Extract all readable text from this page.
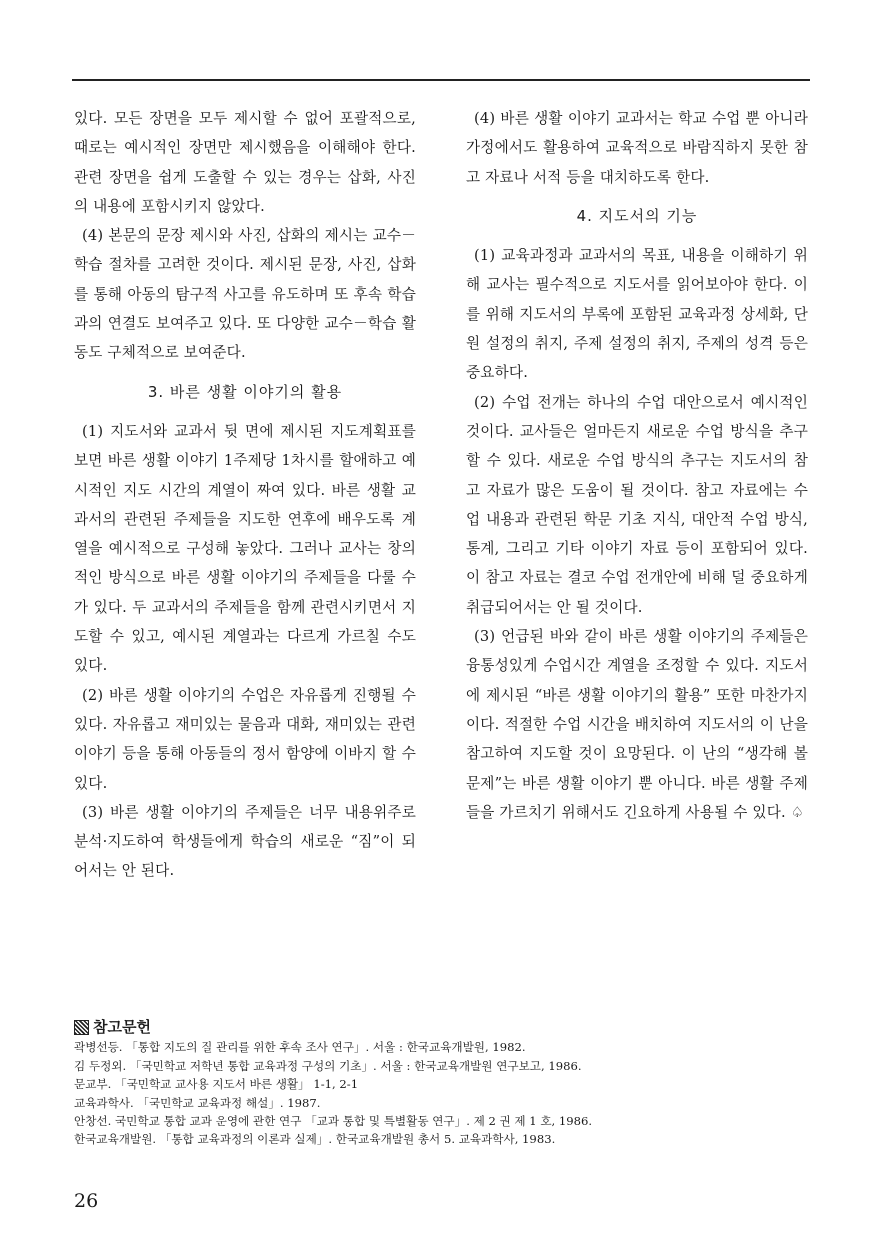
있다. 모든 장면을 모두 제시할 수 없어 포괄적으로, 때로는 예시적인 장면만 제시했음을 이해해야 한다. 관련 장면을 쉽게 도출할 수 있는 경우는 삽화, 사진의 내용에 포함시키지 않았다.

(4) 본문의 문장 제시와 사진, 삽화의 제시는 교수－학습 절차를 고려한 것이다. 제시된 문장, 사진, 삽화를 통해 아동의 탐구적 사고를 유도하며 또 후속 학습과의 연결도 보여주고 있다. 또 다양한 교수－학습 활동도 구체적으로 보여준다.

3. 바른 생활 이야기의 활용

(1) 지도서와 교과서 뒷 면에 제시된 지도계획표를 보면 바른 생활 이야기 1주제당 1차시를 할애하고 예시적인 지도 시간의 계열이 짜여 있다. 바른 생활 교과서의 관련된 주제들을 지도한 연후에 배우도록 계열을 예시적으로 구성해 놓았다. 그러나 교사는 창의적인 방식으로 바른 생활 이야기의 주제들을 다룰 수가 있다. 두 교과서의 주제들을 함께 관련시키면서 지도할 수 있고, 예시된 계열과는 다르게 가르칠 수도 있다.

(2) 바른 생활 이야기의 수업은 자유롭게 진행될 수 있다. 자유롭고 재미있는 물음과 대화, 재미있는 관련 이야기 등을 통해 아동들의 정서 함양에 이바지 할 수 있다.

(3) 바른 생활 이야기의 주제들은 너무 내용위주로 분석·지도하여 학생들에게 학습의 새로운 “짐”이 되어서는 안 된다.

(4) 바른 생활 이야기 교과서는 학교 수업 뿐 아니라 가정에서도 활용하여 교육적으로 바람직하지 못한 참고 자료나 서적 등을 대치하도록 한다.

4. 지도서의 기능

(1) 교육과정과 교과서의 목표, 내용을 이해하기 위해 교사는 필수적으로 지도서를 읽어보아야 한다. 이를 위해 지도서의 부록에 포함된 교육과정 상세화, 단원 설정의 취지, 주제 설정의 취지, 주제의 성격 등은 중요하다.

(2) 수업 전개는 하나의 수업 대안으로서 예시적인 것이다. 교사들은 얼마든지 새로운 수업 방식을 추구할 수 있다. 새로운 수업 방식의 추구는 지도서의 참고 자료가 많은 도움이 될 것이다. 참고 자료에는 수업 내용과 관련된 학문 기초 지식, 대안적 수업 방식, 통계, 그리고 기타 이야기 자료 등이 포함되어 있다. 이 참고 자료는 결코 수업 전개안에 비해 덜 중요하게 취급되어서는 안 될 것이다.

(3) 언급된 바와 같이 바른 생활 이야기의 주제들은 융통성있게 수업시간 계열을 조정할 수 있다. 지도서에 제시된 “바른 생활 이야기의 활용” 또한 마찬가지이다. 적절한 수업 시간을 배치하여 지도서의 이 난을 참고하여 지도할 것이 요망된다. 이 난의 “생각해 볼 문제”는 바른 생활 이야기 뿐 아니다. 바른 생활 주제들을 가르치기 위해서도 긴요하게 사용될 수 있다. ♤

참고문헌
곽병선등. 「통합 지도의 질 관리를 위한 후속 조사 연구」. 서울 : 한국교육개발원, 1982.
김 두정외. 「국민학교 저학년 통합 교육과정 구성의 기초」. 서울 : 한국교육개발원 연구보고, 1986.
문교부. 「국민학교 교사용 지도서 바른 생활」 1-1, 2-1
교육과학사. 「국민학교 교육과정 해설」. 1987.
안창선. 국민학교 통합 교과 운영에 관한 연구 「교과 통합 및 특별활동 연구」. 제 2 권 제 1 호, 1986.
한국교육개발원. 「통합 교육과정의 이론과 실제」. 한국교육개발원 총서 5. 교육과학사, 1983.
26
